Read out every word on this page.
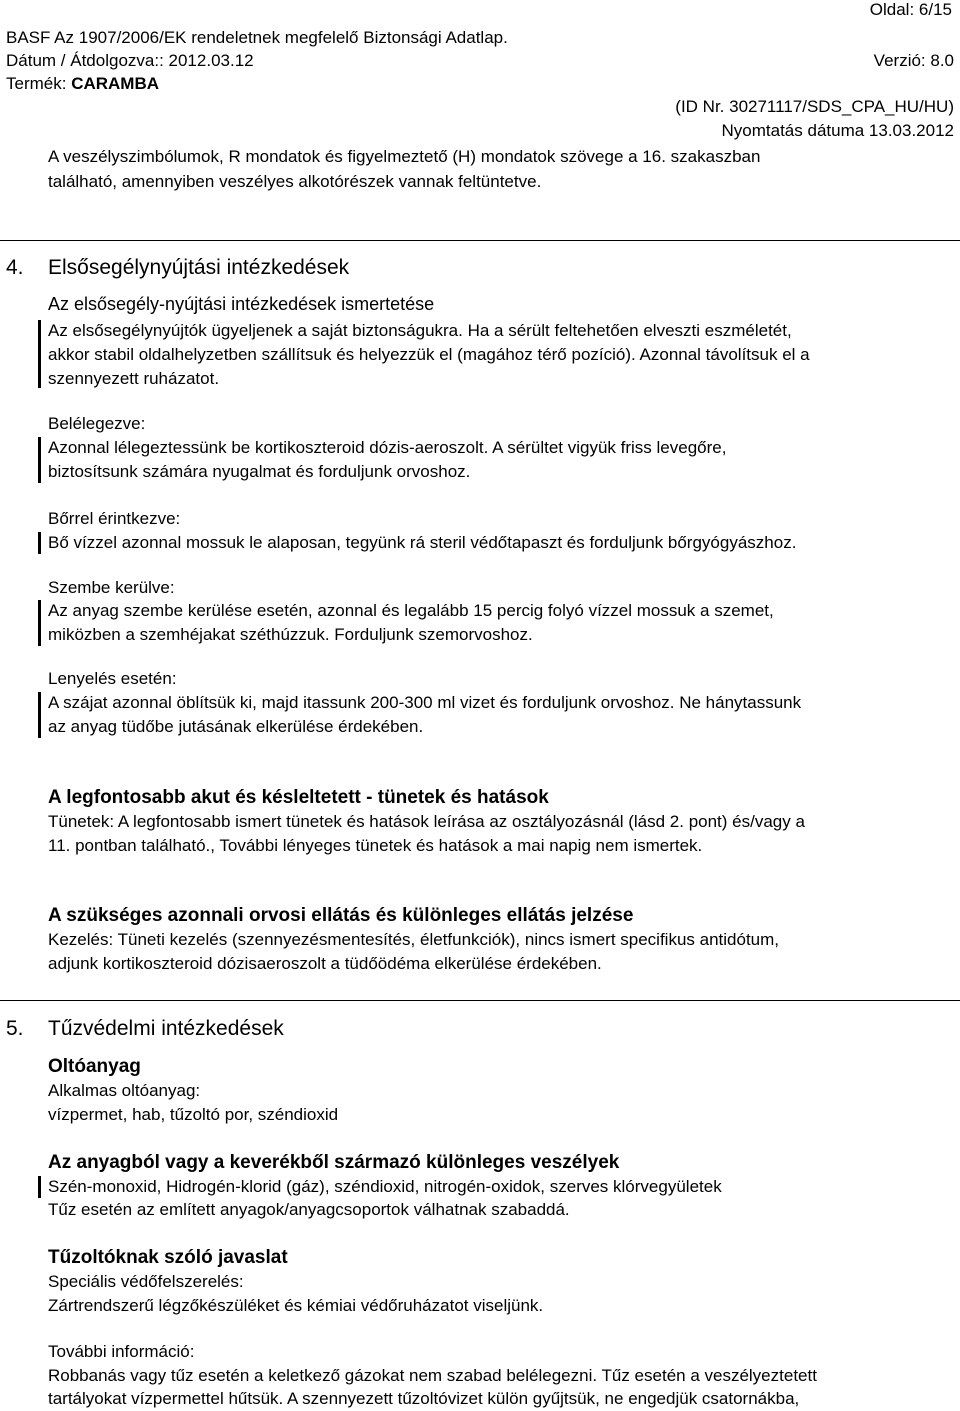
Oldal: 6/15
BASF Az 1907/2006/EK rendeletnek megfelelő Biztonsági Adatlap.
Dátum / Átdolgozva:: 2012.03.12	Verzió: 8.0
Termék: CARAMBA
(ID Nr. 30271117/SDS_CPA_HU/HU)
Nyomtatás dátuma 13.03.2012
A veszélyszimbólumok, R mondatok és figyelmeztető (H) mondatok szövege a 16. szakaszban
található, amennyiben veszélyes alkotórészek vannak feltüntetve.
4. Elsősegélynyújtási intézkedések
Az elsősegély-nyújtási intézkedések ismertetése
Az elsősegélynyújtók ügyeljenek a saját biztonságukra. Ha a sérült feltehetően elveszti eszméletét,
akkor stabil oldalhelyzetben szállítsuk és helyezzük el (magához térő pozíció). Azonnal távolítsuk el a
szennyezett ruházatot.
Belélegezve:
Azonnal lélegeztessünk be kortikoszteroid dózis-aeroszolt. A sérültet vigyük friss levegőre,
biztosítsunk számára nyugalmat és forduljunk orvoshoz.
Bőrrel érintkezve:
Bő vízzel azonnal mossuk le alaposan, tegyünk rá steril védőtapaszt és forduljunk bőrgyógyászhoz.
Szembe kerülve:
Az anyag szembe kerülése esetén, azonnal és legalább 15 percig folyó vízzel mossuk a szemet,
miközben a szemhéjakat széthúzzuk. Forduljunk szemorvoshoz.
Lenyelés esetén:
A szájat azonnal öblítsük ki, majd itassunk 200-300 ml vizet és forduljunk orvoshoz. Ne hánytassunk
az anyag tüdőbe jutásának elkerülése érdekében.
A legfontosabb akut és késleltetett - tünetek és hatások
Tünetek: A legfontosabb ismert tünetek és hatások leírása az osztályozásnál (lásd 2. pont) és/vagy a
11. pontban található., További lényeges tünetek és hatások a mai napig nem ismertek.
A szükséges azonnali orvosi ellátás és különleges ellátás jelzése
Kezelés: Tüneti kezelés (szennyezésmentesítés, életfunkciók), nincs ismert specifikus antidótum,
adjunk kortikoszteroid dózisaeroszolt a tüdőödéma elkerülése érdekében.
5. Tűzvédelmi intézkedések
Oltóanyag
Alkalmas oltóanyag:
vízpermet, hab, tűzoltó por, széndioxid
Az anyagból vagy a keverékből származó különleges veszélyek
Szén-monoxid, Hidrogén-klorid (gáz), széndioxid, nitrogén-oxidok, szerves klórvegyületek
Tűz esetén az említett anyagok/anyagcsoportok válhatnak szabaddá.
Tűzoltóknak szóló javaslat
Speciális védőfelszerelés:
Zártrendszerű légzőkészüléket és kémiai védőruházatot viseljünk.
További információ:
Robbanás vagy tűz esetén a keletkező gázokat nem szabad belélegezni. Tűz esetén a veszélyeztetett
tartályokat vízpermettel hűtsük. A szennyezett tűzoltóvizet külön gyűjtsük, ne engedjük csatornákba,
